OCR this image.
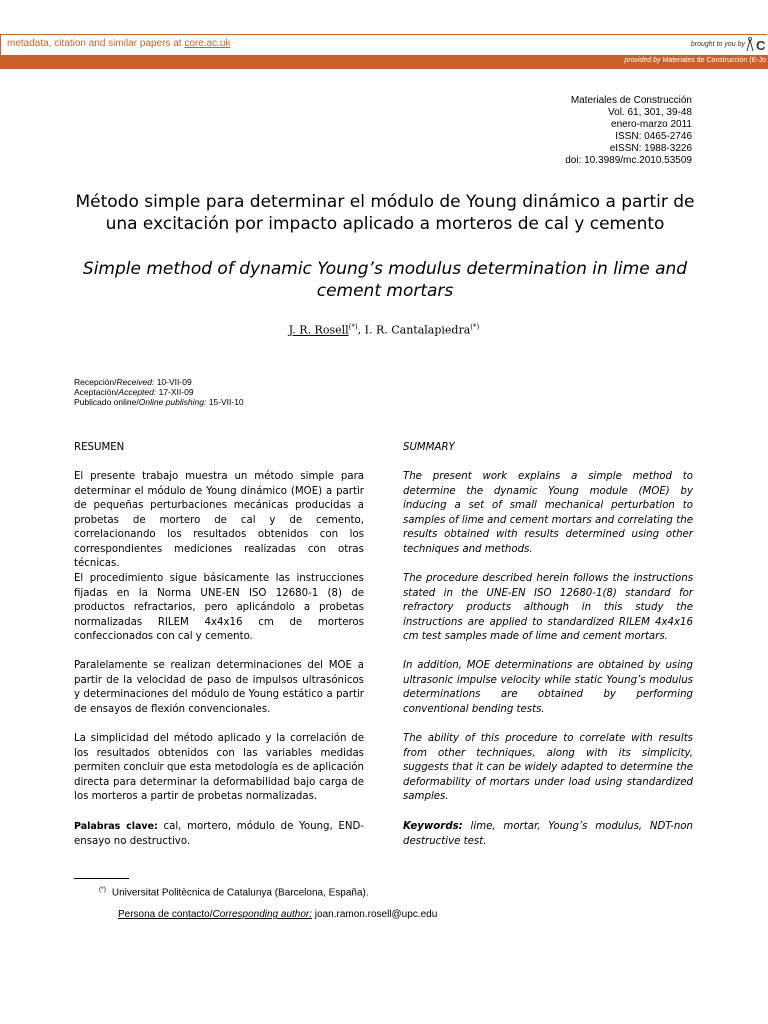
metadata, citation and similar papers at core.ac.uk	brought to you by C
provided by Materiales de Construcción (E-Jo
Materiales de Construcción
Vol. 61, 301, 39-48
enero-marzo 2011
ISSN: 0465-2746
eISSN: 1988-3226
doi: 10.3989/mc.2010.53509
Método simple para determinar el módulo de Young dinámico a partir de una excitación por impacto aplicado a morteros de cal y cemento
Simple method of dynamic Young’s modulus determination in lime and cement mortars
J. R. Rosell(*), I. R. Cantalapiedra(*)
Recepción/Received: 10-VII-09
Aceptación/Accepted: 17-XII-09
Publicado online/Online publishing: 15-VII-10
RESUMEN

El presente trabajo muestra un método simple para determinar el módulo de Young dinámico (MOE) a partir de pequeñas perturbaciones mecánicas producidas a probetas de mortero de cal y de cemento, correlacionando los resultados obtenidos con los correspondientes mediciones realizadas con otras técnicas.

El procedimiento sigue básicamente las instrucciones fijadas en la Norma UNE-EN ISO 12680-1 (8) de productos refractarios, pero aplicándolo a probetas normalizadas RILEM 4x4x16 cm de morteros confeccionados con cal y cemento.

Paralelamente se realizan determinaciones del MOE a partir de la velocidad de paso de impulsos ultrasónicos y determinaciones del módulo de Young estático a partir de ensayos de flexión convencionales.

La simplicidad del método aplicado y la correlación de los resultados obtenidos con las variables medidas permiten concluir que esta metodología es de aplicación directa para determinar la deformabilidad bajo carga de los morteros a partir de probetas normalizadas.

Palabras clave: cal, mortero, módulo de Young, END-ensayo no destructivo.

SUMMARY

The present work explains a simple method to determine the dynamic Young module (MOE) by inducing a set of small mechanical perturbation to samples of lime and cement mortars and correlating the results obtained with results determined using other techniques and methods.

The procedure described herein follows the instructions stated in the UNE-EN ISO 12680-1(8) standard for refractory products although in this study the instructions are applied to standardized RILEM 4x4x16 cm test samples made of lime and cement mortars.

In addition, MOE determinations are obtained by using ultrasonic impulse velocity while static Young’s modulus determinations are obtained by performing conventional bending tests.

The ability of this procedure to correlate with results from other techniques, along with its simplicity, suggests that it can be widely adapted to determine the deformability of mortars under load using standardized samples.

Keywords: lime, mortar, Young’s modulus, NDT-non destructive test.

(*) Universitat Politècnica de Catalunya (Barcelona, España).
Persona de contacto/Corresponding author: joan.ramon.rosell@upc.edu
